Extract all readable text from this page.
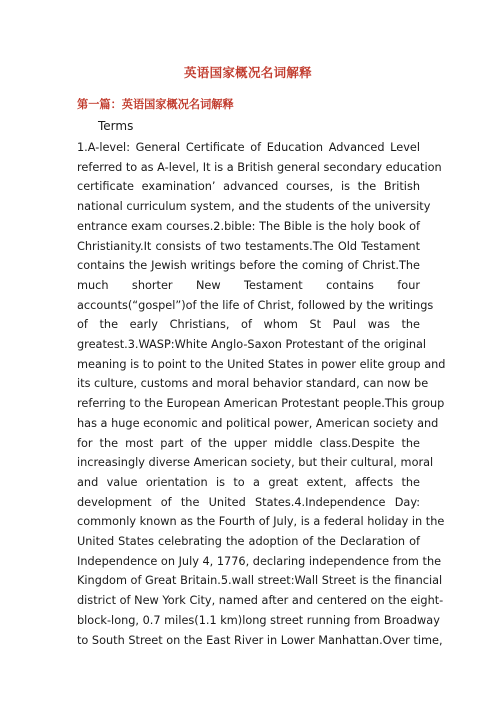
英语国家概况名词解释
第一篇：英语国家概况名词解释
Terms
1.A-level: General Certificate of Education Advanced Level
referred to as A-level, It is a British general secondary education
certificate examination’ advanced courses, is the British
national curriculum system, and the students of the university
entrance exam courses.2.bible: The Bible is the holy book of
Christianity.It consists of two testaments.The Old Testament
contains the Jewish writings before the coming of Christ.The
much shorter New Testament contains four
accounts(“gospel”)of the life of Christ, followed by the writings
of the early Christians, of whom St Paul was the
greatest.3.WASP:White Anglo-Saxon Protestant of the original
meaning is to point to the United States in power elite group and
its culture, customs and moral behavior standard, can now be
referring to the European American Protestant people.This group
has a huge economic and political power, American society and
for the most part of the upper middle class.Despite the
increasingly diverse American society, but their cultural, moral
and value orientation is to a great extent, affects the
development of the United States.4.Independence Day:
commonly known as the Fourth of July, is a federal holiday in the
United States celebrating the adoption of the Declaration of
Independence on July 4, 1776, declaring independence from the
Kingdom of Great Britain.5.wall street:Wall Street is the financial
district of New York City, named after and centered on the eight-
block-long, 0.7 miles(1.1 km)long street running from Broadway
to South Street on the East River in Lower Manhattan.Over time,
